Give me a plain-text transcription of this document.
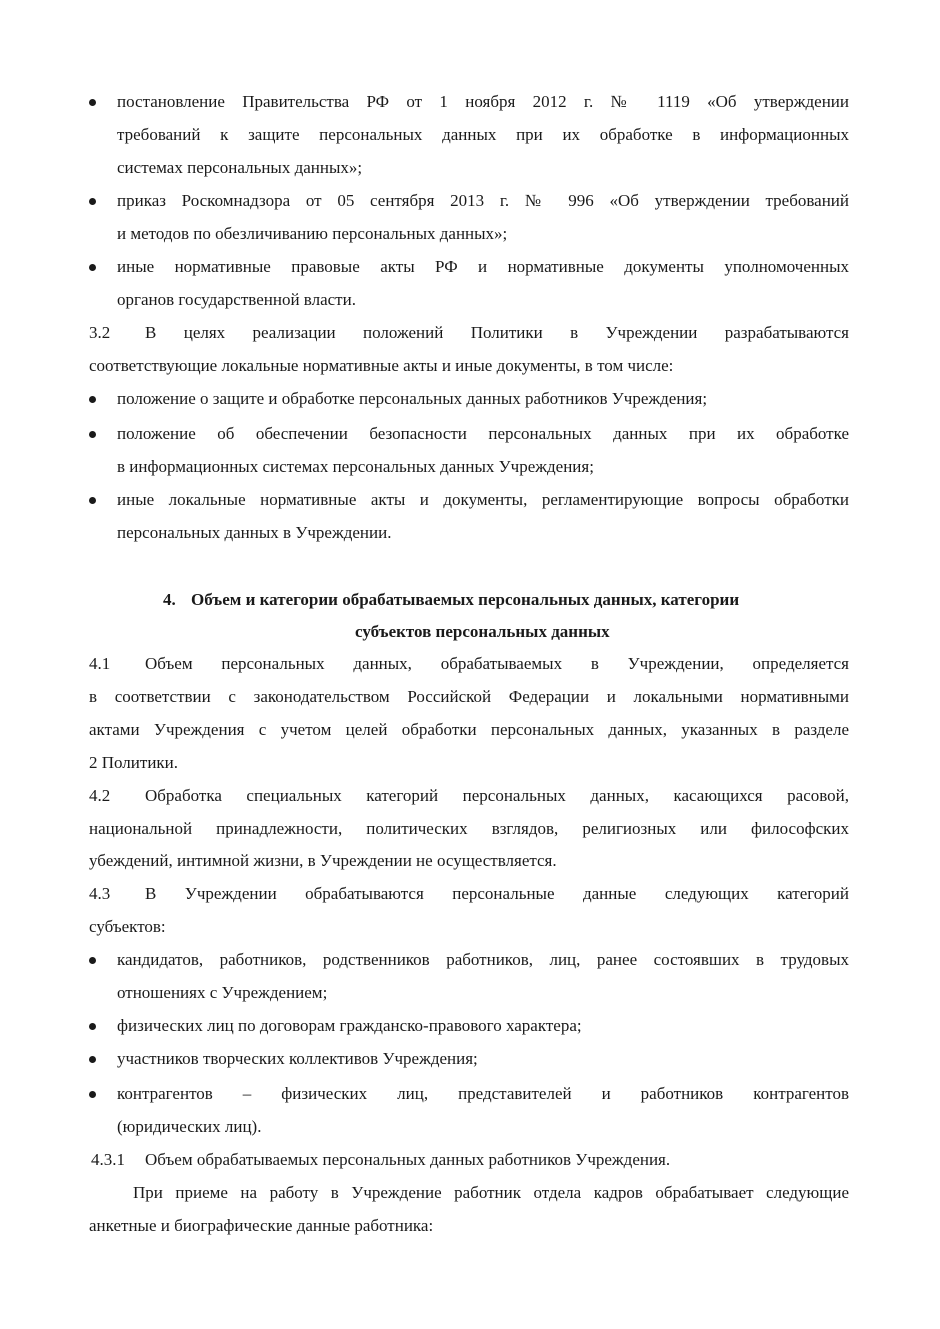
постановление Правительства РФ от 1 ноября 2012 г. № 1119 «Об утверждении
требований к защите персональных данных при их обработке в информационных
системах персональных данных»;
приказ Роскомнадзора от 05 сентября 2013 г. № 996 «Об утверждении требований
и методов по обезличиванию персональных данных»;
иные нормативные правовые акты РФ и нормативные документы уполномоченных
органов государственной власти.
3.2 В целях реализации положений Политики в Учреждении разрабатываются
соответствующие локальные нормативные акты и иные документы, в том числе:
положение о защите и обработке персональных данных работников Учреждения;
положение об обеспечении безопасности персональных данных при их обработке
в информационных системах персональных данных Учреждения;
иные локальные нормативные акты и документы, регламентирующие вопросы обработки
персональных данных в Учреждении.
4. Объем и категории обрабатываемых персональных данных, категории
субъектов персональных данных
4.1 Объем персональных данных, обрабатываемых в Учреждении, определяется
в соответствии с законодательством Российской Федерации и локальными нормативными
актами Учреждения с учетом целей обработки персональных данных, указанных в разделе
2 Политики.
4.2 Обработка специальных категорий персональных данных, касающихся расовой,
национальной принадлежности, политических взглядов, религиозных или философских
убеждений, интимной жизни, в Учреждении не осуществляется.
4.3 В Учреждении обрабатываются персональные данные следующих категорий
субъектов:
кандидатов, работников, родственников работников, лиц, ранее состоявших в трудовых
отношениях с Учреждением;
физических лиц по договорам гражданско-правового характера;
участников творческих коллективов Учреждения;
контрагентов – физических лиц, представителей и работников контрагентов
(юридических лиц).
4.3.1 Объем обрабатываемых персональных данных работников Учреждения.
При приеме на работу в Учреждение работник отдела кадров обрабатывает следующие
анкетные и биографические данные работника:
